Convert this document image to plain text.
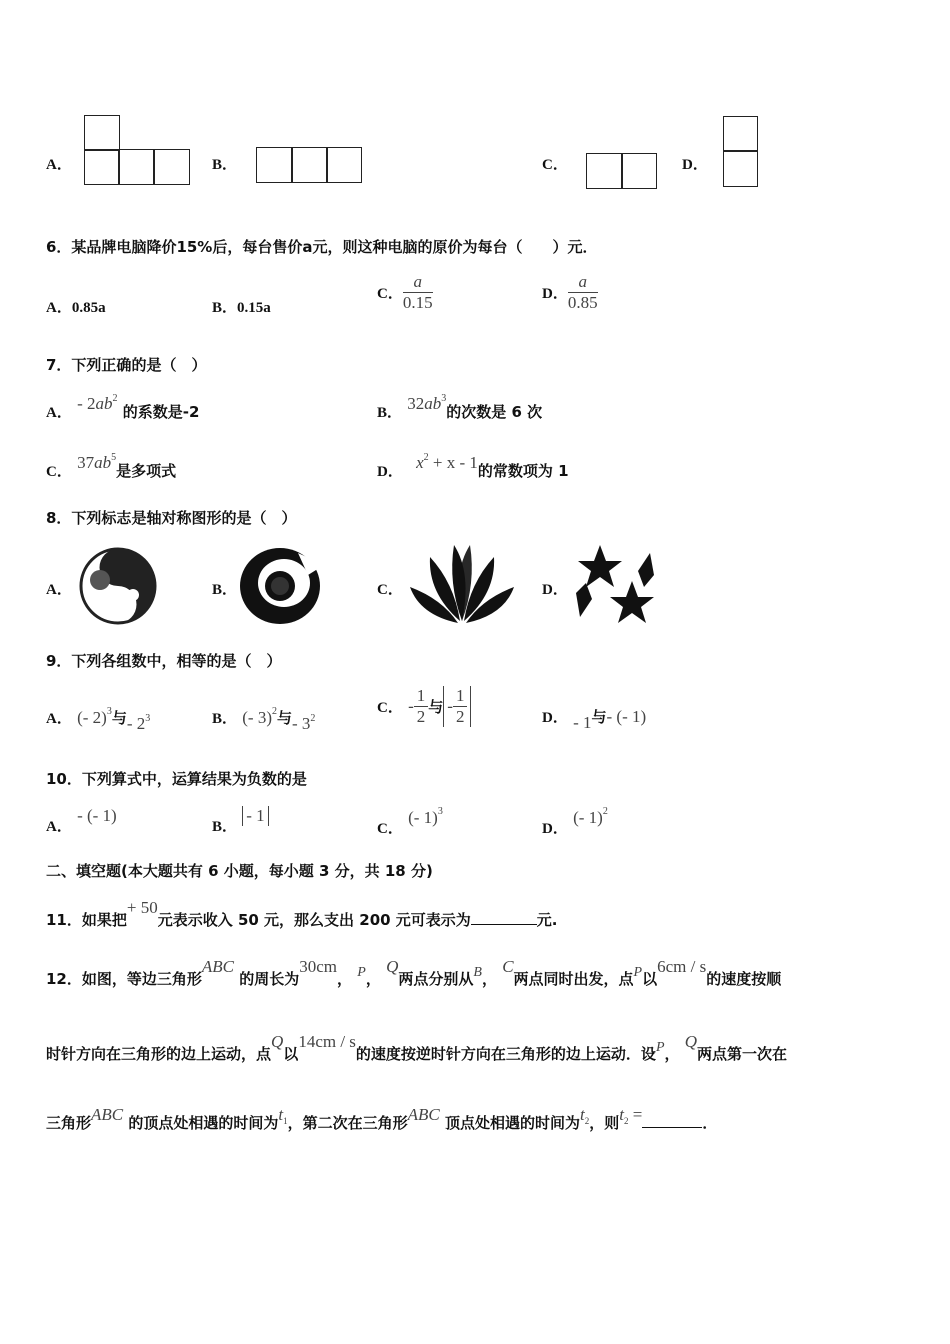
A．	B．	C．	D．
6．某品牌电脑降价15%后，每台售价a元，则这种电脑的原价为每台（　　）元．
A．0.85a	B．0.15a
C． $\frac{a}{0.15}$	D． $\frac{a}{0.85}$
7．下列正确的是（　）
A． - $2ab^2$ 的系数是-2	B． $32ab^3$的次数是 6 次
C． $37ab^5$是多项式	D． $x^2 + x - 1$的常数项为 1
8．下列标志是轴对称图形的是（　）
A．	B．	C．	D．
9．下列各组数中，相等的是（　）
A． (- 2)$^3$与- $2^3$	B． (- 3)$^2$与- $3^2$
C． - $\frac{1}{2}$ 与 - $\frac{1}{2}$	D． - 1与- (- 1)
10．下列算式中，运算结果为负数的是
A． - (- 1)
B． - 1
C． (- 1)$^3$
D． (- 1)$^2$
二、填空题(本大题共有 6 小题，每小题 3 分，共 18 分)
11．如果把+ 50元表示收入 50 元，那么支出 200 元可表示为	元.
12．如图，等边三角形ABC 的周长为30cm， P， Q两点分别从B， C两点同时出发，点P以6cm / s的速度按顺
时针方向在三角形的边上运动，点Q以14cm / s的速度按逆时针方向在三角形的边上运动．设P， Q两点第一次在
三角形ABC 的顶点处相遇的时间为$t^1$，第二次在三角形ABC 顶点处相遇的时间为$t^2$，则$t^2$ =	．
